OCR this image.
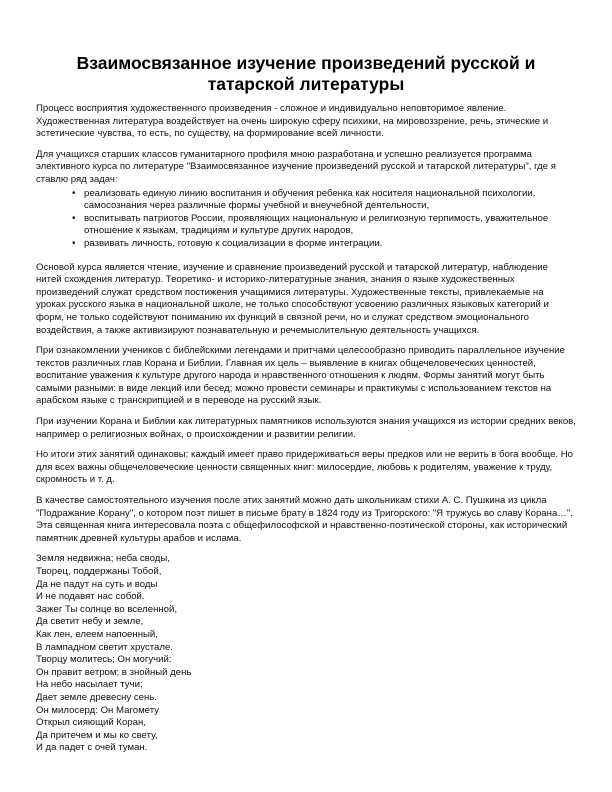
Взаимосвязанное изучение произведений русской и татарской литературы

Процесс восприятия художественного произведения - сложное и индивидуально неповторимое явление. Художественная литература воздействует на очень широкую сферу психики, на мировоззрение, речь, этические и эстетические чувства, то есть, по существу, на формирование всей личности.

Для учащихся старших классов гуманитарного профиля мною разработана и успешно реализуется программа элективного курса по литературе "Взаимосвязанное изучение произведений русской и татарской литературы", где я ставлю ряд задач:

• реализовать единую линию воспитания и обучения ребенка как носителя национальной психологии, самосознания через различные формы учебной и внеучебной деятельности,
• воспитывать патриотов России, проявляющих национальную и религиозную терпимость, уважительное отношение к языкам, традициям и культуре других народов,
• развивать личность, готовую к социализации в форме интеграции.

Основой курса является чтение, изучение и сравнение произведений русской и татарской литератур, наблюдение нитей схождения литератур. Теоретико- и историко-литературные знания, знания о языке художественных произведений служат средством постижения учащимися литературы. Художественные тексты, привлекаемые на уроках русского языка в национальной школе, не только способствуют усвоению различных языковых категорий и форм, не только содействуют пониманию их функций в связной речи, но и служат средством эмоционального воздействия, а также активизируют познавательную и речемыслительную деятельность учащихся.

При ознакомлении учеников с библейскими легендами и притчами целесообразно приводить параллельное изучение текстов различных глав Корана и Библии. Главная их цель – выявление в книгах общечеловеческих ценностей, воспитание уважения к культуре другого народа и нравственного отношения к людям. Формы занятий могут быть самыми разными: в виде лекций или бесед; можно провести семинары и практикумы с использованием текстов на арабском языке с транскрипцией и в переводе на русский язык.

При изучении Корана и Библии как литературных памятников используются знания учащихся из истории средних веков, например о религиозных войнах, о происхождении и развитии религии.

Но итоги этих занятий одинаковы: каждый имеет право придерживаться веры предков или не верить в бога вообще. Но для всех важны общечеловеческие ценности священных книг: милосердие, любовь к родителям, уважение к труду, скромность и т. д.

В качестве самостоятельного изучения после этих занятий можно дать школьникам стихи А. С. Пушкина из цикла "Подражание Корану", о котором поэт пишет в письме брату в 1824 году из Тригорского: "Я тружусь во славу Корана…". Эта священная книга интересовала поэта с общефилософской и нравственно-поэтической стороны, как исторический памятник древней культуры арабов и ислама.

Земля недвижна; неба своды,
Творец, поддержаны Тобой,
Да не падут на суть и воды
И не подавят нас собой.
Зажег Ты солнце во вселенной,
Да светит небу и земле,
Как лен, елеем напоенный,
В лампадном светит хрустале.
Творцу молитесь; Он могучий:
Он правит ветром; в знойный день
На небо насылает тучи;
Дает земле древесну сень.
Он милосерд: Он Магомету
Открыл сияющий Коран,
Да притечем и мы ко свету,
И да падет с очей туман.
